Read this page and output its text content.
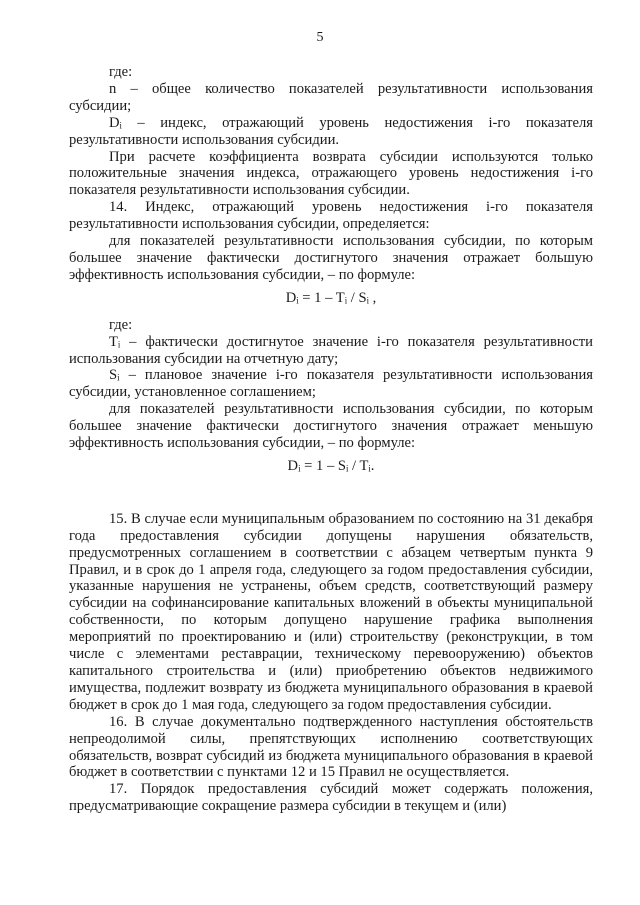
5

где:

n – общее количество показателей результативности использования субсидии;

Dᵢ – индекс, отражающий уровень недостижения i-го показателя результативности использования субсидии.

При расчете коэффициента возврата субсидии используются только положительные значения индекса, отражающего уровень недостижения i-го показателя результативности использования субсидии.

14. Индекс, отражающий уровень недостижения i-го показателя результативности использования субсидии, определяется:

для показателей результативности использования субсидии, по которым большее значение фактически достигнутого значения отражает большую эффективность использования субсидии, – по формуле:

Dᵢ = 1 – Tᵢ / Sᵢ ,

где:

Tᵢ – фактически достигнутое значение i-го показателя результативности использования субсидии на отчетную дату;

Sᵢ – плановое значение i-го показателя результативности использования субсидии, установленное соглашением;

для показателей результативности использования субсидии, по которым большее значение фактически достигнутого значения отражает меньшую эффективность использования субсидии, – по формуле:

Dᵢ = 1 – Sᵢ / Tᵢ.

15. В случае если муниципальным образованием по состоянию на 31 декабря года предоставления субсидии допущены нарушения обязательств, предусмотренных соглашением в соответствии с абзацем четвертым пункта 9 Правил, и в срок до 1 апреля года, следующего за годом предоставления субсидии, указанные нарушения не устранены, объем средств, соответствующий размеру субсидии на софинансирование капитальных вложений в объекты муниципальной собственности, по которым допущено нарушение графика выполнения мероприятий по проектированию и (или) строительству (реконструкции, в том числе с элементами реставрации, техническому перевооружению) объектов капитального строительства и (или) приобретению объектов недвижимого имущества, подлежит возврату из бюджета муниципального образования в краевой бюджет в срок до 1 мая года, следующего за годом предоставления субсидии.

16. В случае документально подтвержденного наступления обстоятельств непреодолимой силы, препятствующих исполнению соответствующих обязательств, возврат субсидий из бюджета муниципального образования в краевой бюджет в соответствии с пунктами 12 и 15 Правил не осуществляется.

17. Порядок предоставления субсидий может содержать положения, предусматривающие сокращение размера субсидии в текущем и (или)
